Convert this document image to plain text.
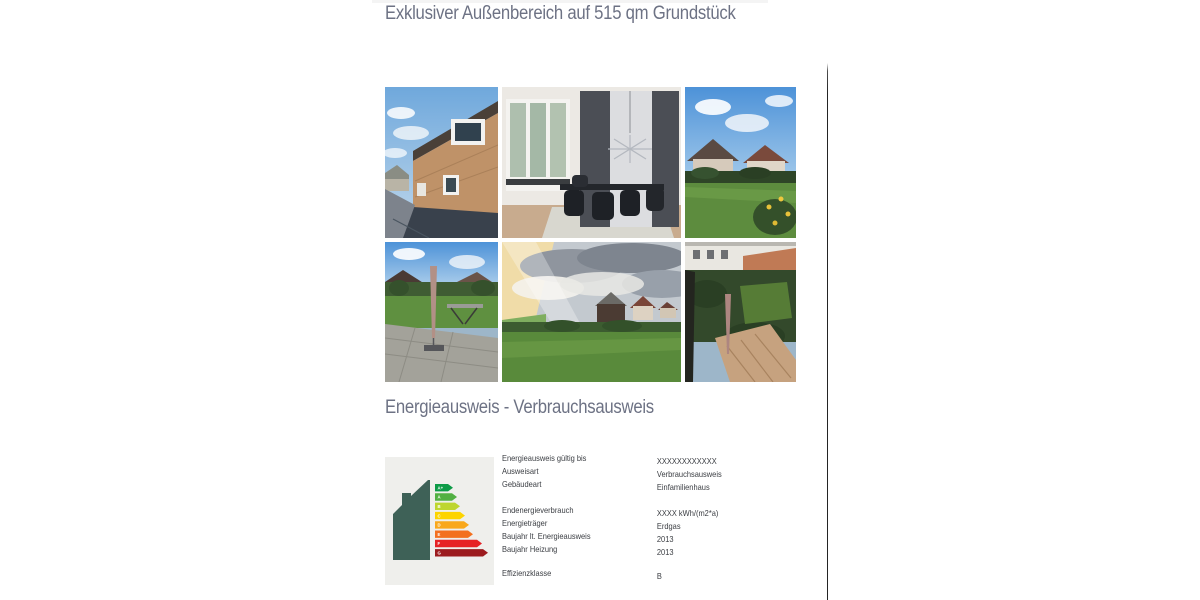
Exklusiver Außenbereich auf 515 qm Grundstück
Energieausweis - Verbrauchsausweis
A+
A
B
C
D
E
F
G
Energieausweis gültig bis	XXXXXXXXXXXX
Ausweisart	Verbrauchsausweis
Gebäudeart	Einfamilienhaus
Endenergieverbrauch	XXXX kWh/(m2*a)
Energieträger	Erdgas
Baujahr lt. Energieausweis	2013
Baujahr Heizung	2013
Effizienzklasse	B
